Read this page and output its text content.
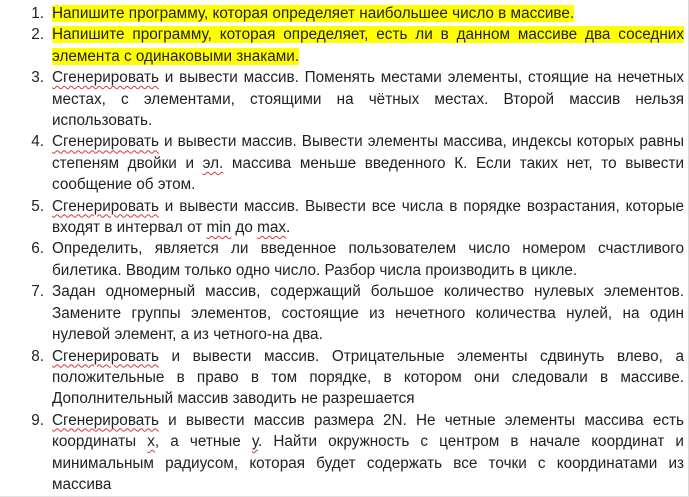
1. Напишите программу, которая определяет наибольшее число в массиве.
2. Напишите программу, которая определяет, есть ли в данном массиве два соседних элемента с одинаковыми знаками.
3. Сгенерировать и вывести массив. Поменять местами элементы, стоящие на нечетных местах, с элементами, стоящими на чётных местах. Второй массив нельзя использовать.
4. Сгенерировать и вывести массив. Вывести элементы массива, индексы которых равны степеням двойки и эл. массива меньше введенного К. Если таких нет, то вывести сообщение об этом.
5. Сгенерировать и вывести массив. Вывести все числа в порядке возрастания, которые входят в интервал от min до max.
6. Определить, является ли введенное пользователем число номером счастливого билетика. Вводим только одно число. Разбор числа производить в цикле.
7. Задан одномерный массив, содержащий большое количество нулевых элементов. Замените группы элементов, состоящие из нечетного количества нулей, на один нулевой элемент, а из четного-на два.
8. Сгенерировать и вывести массив. Отрицательные элементы сдвинуть влево, а положительные в право в том порядке, в котором они следовали в массиве. Дополнительный массив заводить не разрешается
9. Сгенерировать и вывести массив размера 2N. Не четные элементы массива есть координаты х, а четные у. Найти окружность с центром в начале координат и минимальным радиусом, которая будет содержать все точки с координатами из массива
